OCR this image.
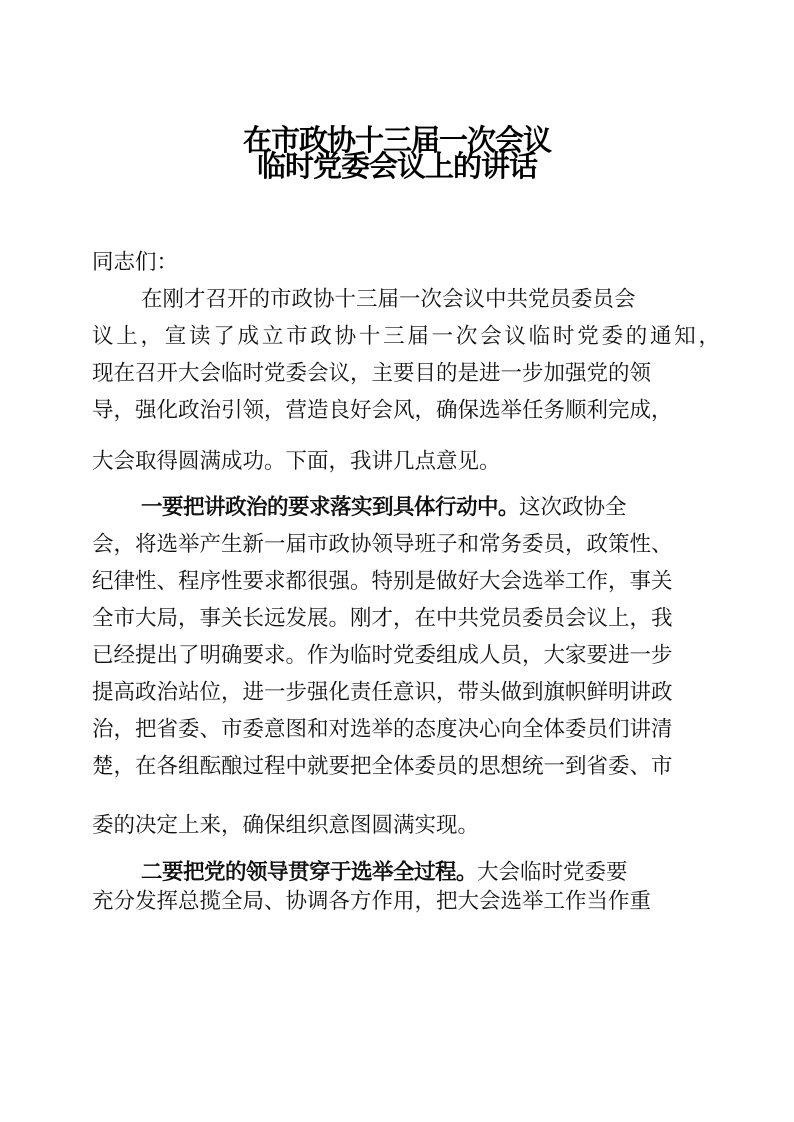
在市政协十三届一次会议
临时党委会议上的讲话
同志们：
在刚才召开的市政协十三届一次会议中共党员委员会
议上，宣读了成立市政协十三届一次会议临时党委的通知，
现在召开大会临时党委会议，主要目的是进一步加强党的领
导，强化政治引领，营造良好会风，确保选举任务顺利完成，
大会取得圆满成功。下面，我讲几点意见。
一要把讲政治的要求落实到具体行动中。这次政协全
会，将选举产生新一届市政协领导班子和常务委员，政策性、
纪律性、程序性要求都很强。特别是做好大会选举工作，事关
全市大局，事关长远发展。刚才，在中共党员委员会议上，我
已经提出了明确要求。作为临时党委组成人员，大家要进一步
提高政治站位，进一步强化责任意识，带头做到旗帜鲜明讲政
治，把省委、市委意图和对选举的态度决心向全体委员们讲清
楚，在各组酝酿过程中就要把全体委员的思想统一到省委、市
委的决定上来，确保组织意图圆满实现。
二要把党的领导贯穿于选举全过程。大会临时党委要
充分发挥总揽全局、协调各方作用，把大会选举工作当作重
